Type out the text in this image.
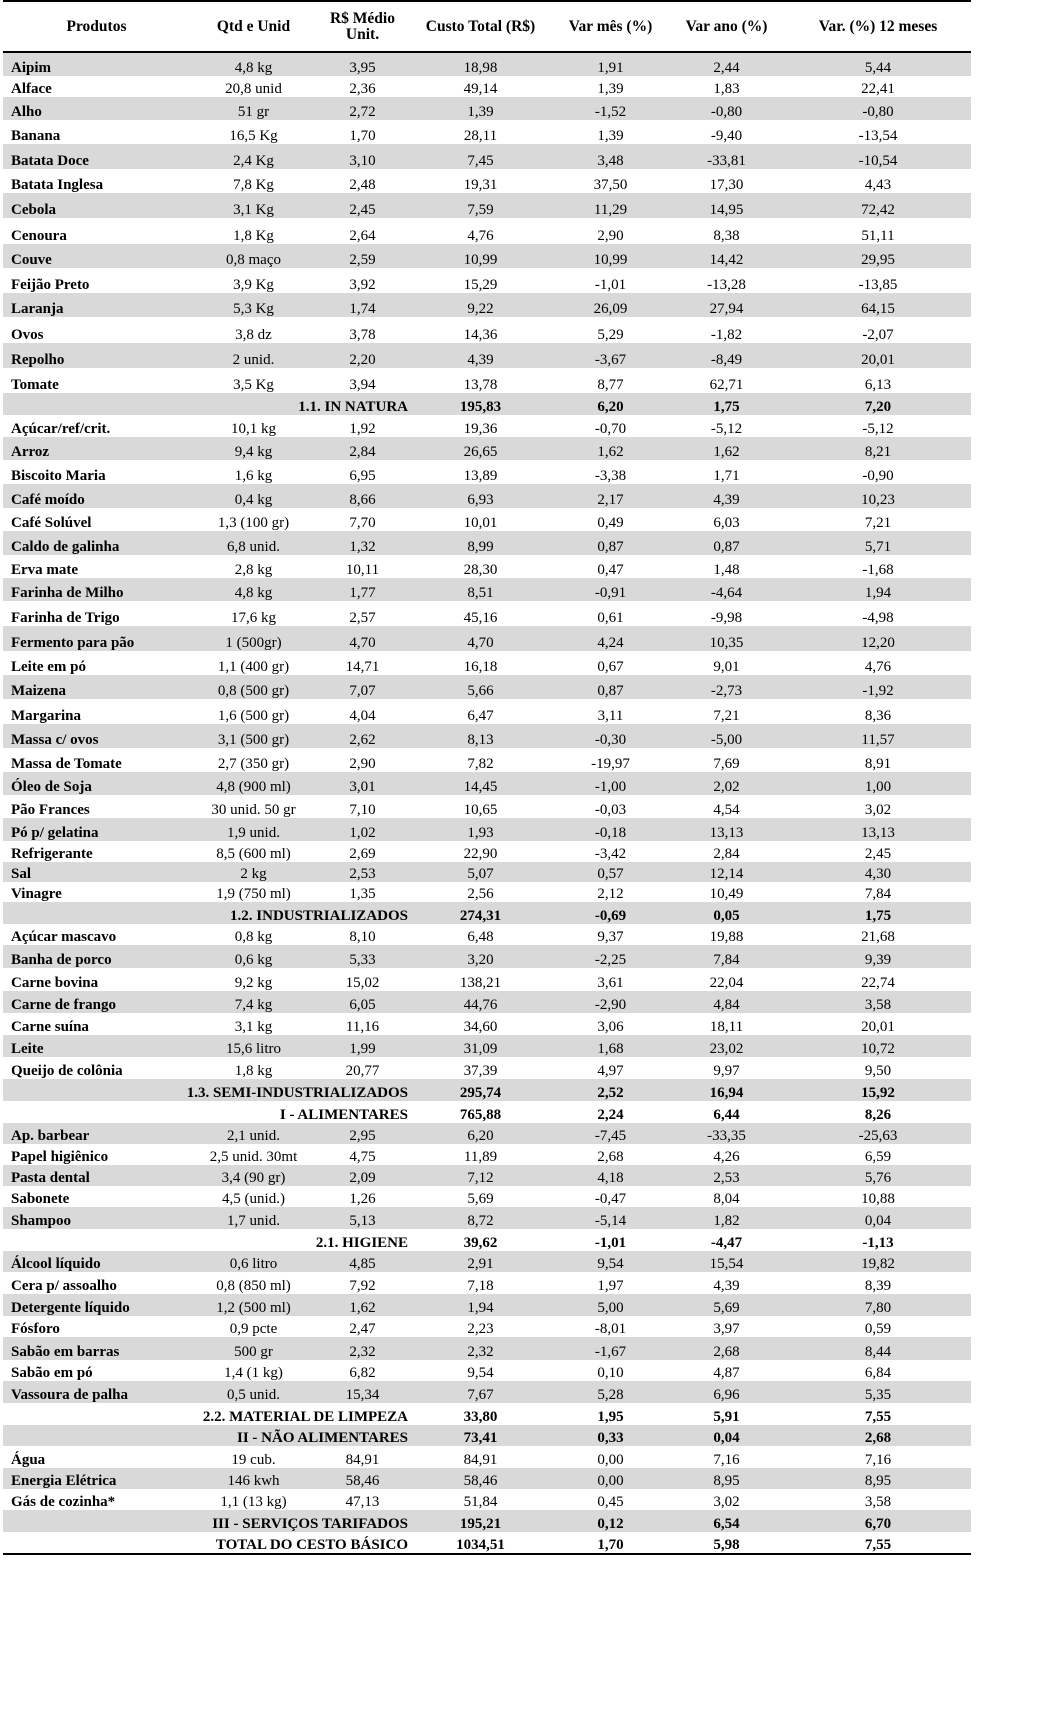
Produtos	Qtd e Unid	R$ Médio Unit.	Custo Total (R$)	Var mês (%)	Var ano (%)	Var. (%) 12 meses
Aipim	4,8 kg	3,95	18,98	1,91	2,44	5,44
Alface	20,8 unid	2,36	49,14	1,39	1,83	22,41
Alho	51 gr	2,72	1,39	-1,52	-0,80	-0,80
Banana	16,5 Kg	1,70	28,11	1,39	-9,40	-13,54
Batata Doce	2,4 Kg	3,10	7,45	3,48	-33,81	-10,54
Batata Inglesa	7,8 Kg	2,48	19,31	37,50	17,30	4,43
Cebola	3,1 Kg	2,45	7,59	11,29	14,95	72,42
Cenoura	1,8 Kg	2,64	4,76	2,90	8,38	51,11
Couve	0,8 maço	2,59	10,99	10,99	14,42	29,95
Feijão Preto	3,9 Kg	3,92	15,29	-1,01	-13,28	-13,85
Laranja	5,3 Kg	1,74	9,22	26,09	27,94	64,15
Ovos	3,8 dz	3,78	14,36	5,29	-1,82	-2,07
Repolho	2 unid.	2,20	4,39	-3,67	-8,49	20,01
Tomate	3,5 Kg	3,94	13,78	8,77	62,71	6,13
1.1. IN NATURA			195,83	6,20	1,75	7,20
Açúcar/ref/crit.	10,1 kg	1,92	19,36	-0,70	-5,12	-5,12
Arroz	9,4 kg	2,84	26,65	1,62	1,62	8,21
Biscoito Maria	1,6 kg	6,95	13,89	-3,38	1,71	-0,90
Café moído	0,4 kg	8,66	6,93	2,17	4,39	10,23
Café Solúvel	1,3 (100 gr)	7,70	10,01	0,49	6,03	7,21
Caldo de galinha	6,8 unid.	1,32	8,99	0,87	0,87	5,71
Erva mate	2,8 kg	10,11	28,30	0,47	1,48	-1,68
Farinha de Milho	4,8 kg	1,77	8,51	-0,91	-4,64	1,94
Farinha de Trigo	17,6 kg	2,57	45,16	0,61	-9,98	-4,98
Fermento para pão	1 (500gr)	4,70	4,70	4,24	10,35	12,20
Leite em pó	1,1 (400 gr)	14,71	16,18	0,67	9,01	4,76
Maizena	0,8 (500 gr)	7,07	5,66	0,87	-2,73	-1,92
Margarina	1,6 (500 gr)	4,04	6,47	3,11	7,21	8,36
Massa c/ ovos	3,1 (500 gr)	2,62	8,13	-0,30	-5,00	11,57
Massa de Tomate	2,7 (350 gr)	2,90	7,82	-19,97	7,69	8,91
Óleo de Soja	4,8 (900 ml)	3,01	14,45	-1,00	2,02	1,00
Pão Frances	30 unid. 50 gr	7,10	10,65	-0,03	4,54	3,02
Pó p/ gelatina	1,9 unid.	1,02	1,93	-0,18	13,13	13,13
Refrigerante	8,5 (600 ml)	2,69	22,90	-3,42	2,84	2,45
Sal	2 kg	2,53	5,07	0,57	12,14	4,30
Vinagre	1,9 (750 ml)	1,35	2,56	2,12	10,49	7,84
1.2. INDUSTRIALIZADOS			274,31	-0,69	0,05	1,75
Açúcar mascavo	0,8 kg	8,10	6,48	9,37	19,88	21,68
Banha de porco	0,6 kg	5,33	3,20	-2,25	7,84	9,39
Carne bovina	9,2 kg	15,02	138,21	3,61	22,04	22,74
Carne de frango	7,4 kg	6,05	44,76	-2,90	4,84	3,58
Carne suína	3,1 kg	11,16	34,60	3,06	18,11	20,01
Leite	15,6 litro	1,99	31,09	1,68	23,02	10,72
Queijo de colônia	1,8 kg	20,77	37,39	4,97	9,97	9,50
1.3. SEMI-INDUSTRIALIZADOS			295,74	2,52	16,94	15,92
I - ALIMENTARES			765,88	2,24	6,44	8,26
Ap. barbear	2,1 unid.	2,95	6,20	-7,45	-33,35	-25,63
Papel higiênico	2,5 unid. 30mt	4,75	11,89	2,68	4,26	6,59
Pasta dental	3,4 (90 gr)	2,09	7,12	4,18	2,53	5,76
Sabonete	4,5 (unid.)	1,26	5,69	-0,47	8,04	10,88
Shampoo	1,7 unid.	5,13	8,72	-5,14	1,82	0,04
2.1. HIGIENE			39,62	-1,01	-4,47	-1,13
Álcool líquido	0,6 litro	4,85	2,91	9,54	15,54	19,82
Cera p/ assoalho	0,8 (850 ml)	7,92	7,18	1,97	4,39	8,39
Detergente líquido	1,2 (500 ml)	1,62	1,94	5,00	5,69	7,80
Fósforo	0,9 pcte	2,47	2,23	-8,01	3,97	0,59
Sabão em barras	500 gr	2,32	2,32	-1,67	2,68	8,44
Sabão em pó	1,4 (1 kg)	6,82	9,54	0,10	4,87	6,84
Vassoura de palha	0,5 unid.	15,34	7,67	5,28	6,96	5,35
2.2. MATERIAL DE LIMPEZA			33,80	1,95	5,91	7,55
II - NÃO ALIMENTARES			73,41	0,33	0,04	2,68
Água	19 cub.	84,91	84,91	0,00	7,16	7,16
Energia Elétrica	146 kwh	58,46	58,46	0,00	8,95	8,95
Gás de cozinha*	1,1 (13 kg)	47,13	51,84	0,45	3,02	3,58
III - SERVIÇOS TARIFADOS			195,21	0,12	6,54	6,70
TOTAL DO CESTO BÁSICO			1034,51	1,70	5,98	7,55
